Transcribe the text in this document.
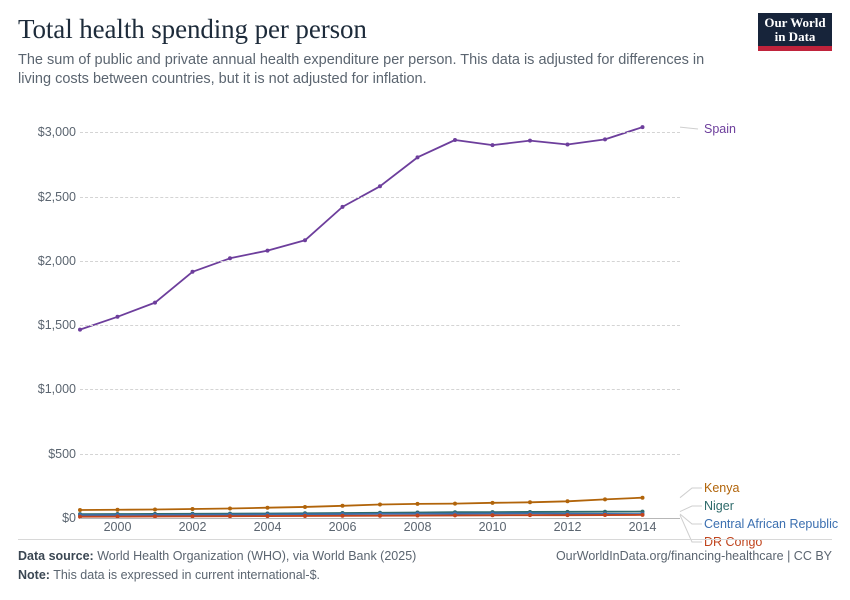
Total health spending per person

The sum of public and private annual health expenditure per person. This data is adjusted for differences in living costs between countries, but it is not adjusted for inflation.

Our World
in Data
$0
$500
$1,000
$1,500
$2,000
$2,500
$3,000
2000	2002	2004	2006	2008	2010	2012	2014
Kenya
Niger
Central African Republic
DR Congo
Spain
Data source: World Health Organization (WHO), via World Bank (2025)
Note: This data is expressed in current international-$.
OurWorldInData.org/financing-healthcare | CC BY
